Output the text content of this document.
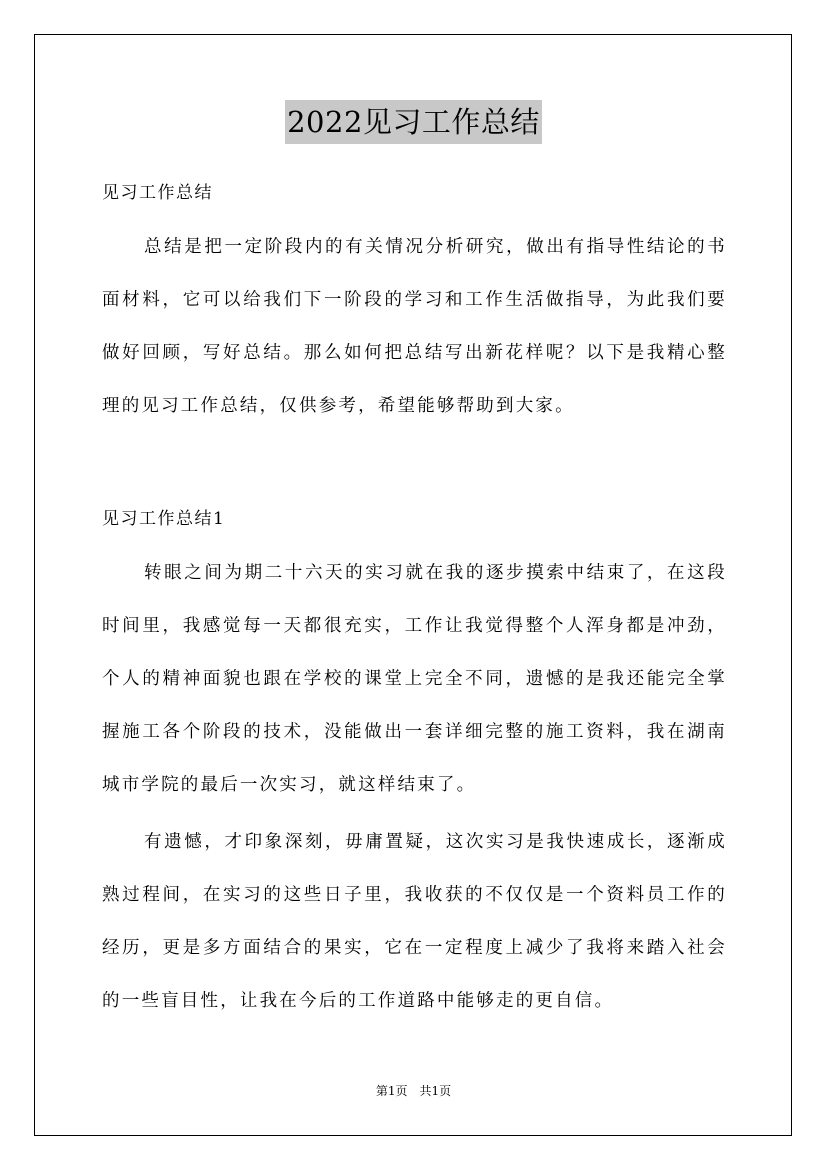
2022见习工作总结
见习工作总结

总结是把一定阶段内的有关情况分析研究，做出有指导性结论的书面材料，它可以给我们下一阶段的学习和工作生活做指导，为此我们要做好回顾，写好总结。那么如何把总结写出新花样呢？以下是我精心整理的见习工作总结，仅供参考，希望能够帮助到大家。

见习工作总结1

转眼之间为期二十六天的实习就在我的逐步摸索中结束了，在这段时间里，我感觉每一天都很充实，工作让我觉得整个人浑身都是冲劲，个人的精神面貌也跟在学校的课堂上完全不同，遗憾的是我还能完全掌握施工各个阶段的技术，没能做出一套详细完整的施工资料，我在湖南城市学院的最后一次实习，就这样结束了。

有遗憾，才印象深刻，毋庸置疑，这次实习是我快速成长，逐渐成熟过程间，在实习的这些日子里，我收获的不仅仅是一个资料员工作的经历，更是多方面结合的果实，它在一定程度上减少了我将来踏入社会的一些盲目性，让我在今后的工作道路中能够走的更自信。

第1页　共1页
